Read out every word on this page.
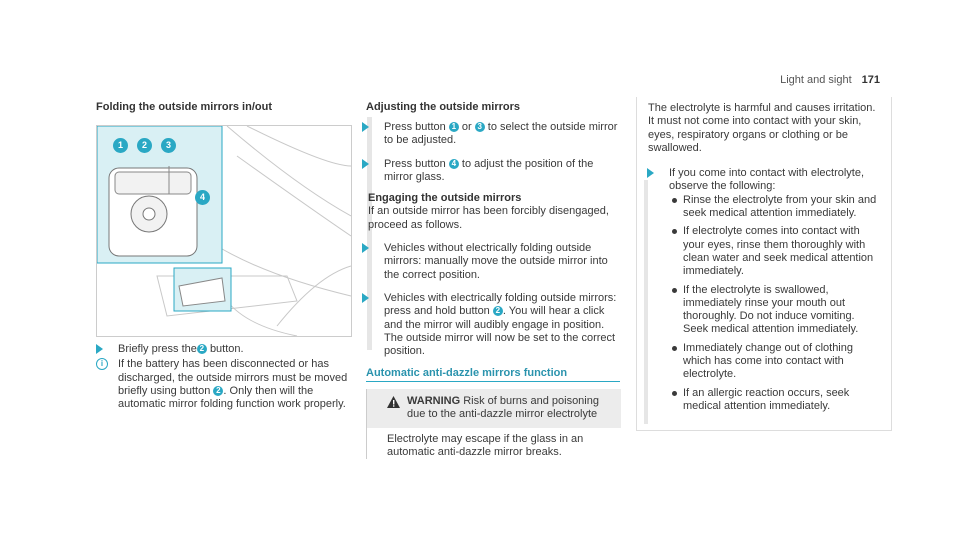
Light and sight 171
Folding the outside mirrors in/out
1	2	3
4
Briefly press the 2 button.
i	If the battery has been disconnected or has discharged, the outside mirrors must be moved briefly using button 2 . Only then will the automatic mirror folding function work properly.
Adjusting the outside mirrors
Press button 1 or 3 to select the outside mirror to be adjusted.
Press button 4 to adjust the position of the mirror glass.
Engaging the outside mirrors
If an outside mirror has been forcibly disengaged, proceed as follows.
Vehicles without electrically folding outside mirrors: manually move the outside mirror into the correct position.
Vehicles with electrically folding outside mirrors: press and hold button 2 . You will hear a click and the mirror will audibly engage in position. The outside mirror will now be set to the correct position.
Automatic anti-dazzle mirrors function
WARNING Risk of burns and poisoning due to the anti-dazzle mirror electrolyte
Electrolyte may escape if the glass in an automatic anti-dazzle mirror breaks.
The electrolyte is harmful and causes irritation. It must not come into contact with your skin, eyes, respiratory organs or clothing or be swallowed.
If you come into contact with electrolyte, observe the following:
Rinse the electrolyte from your skin and seek medical attention immediately.
If electrolyte comes into contact with your eyes, rinse them thoroughly with clean water and seek medical attention immediately.
If the electrolyte is swallowed, immediately rinse your mouth out thoroughly. Do not induce vomiting. Seek medical attention immediately.
Immediately change out of clothing which has come into contact with electrolyte.
If an allergic reaction occurs, seek medical attention immediately.
